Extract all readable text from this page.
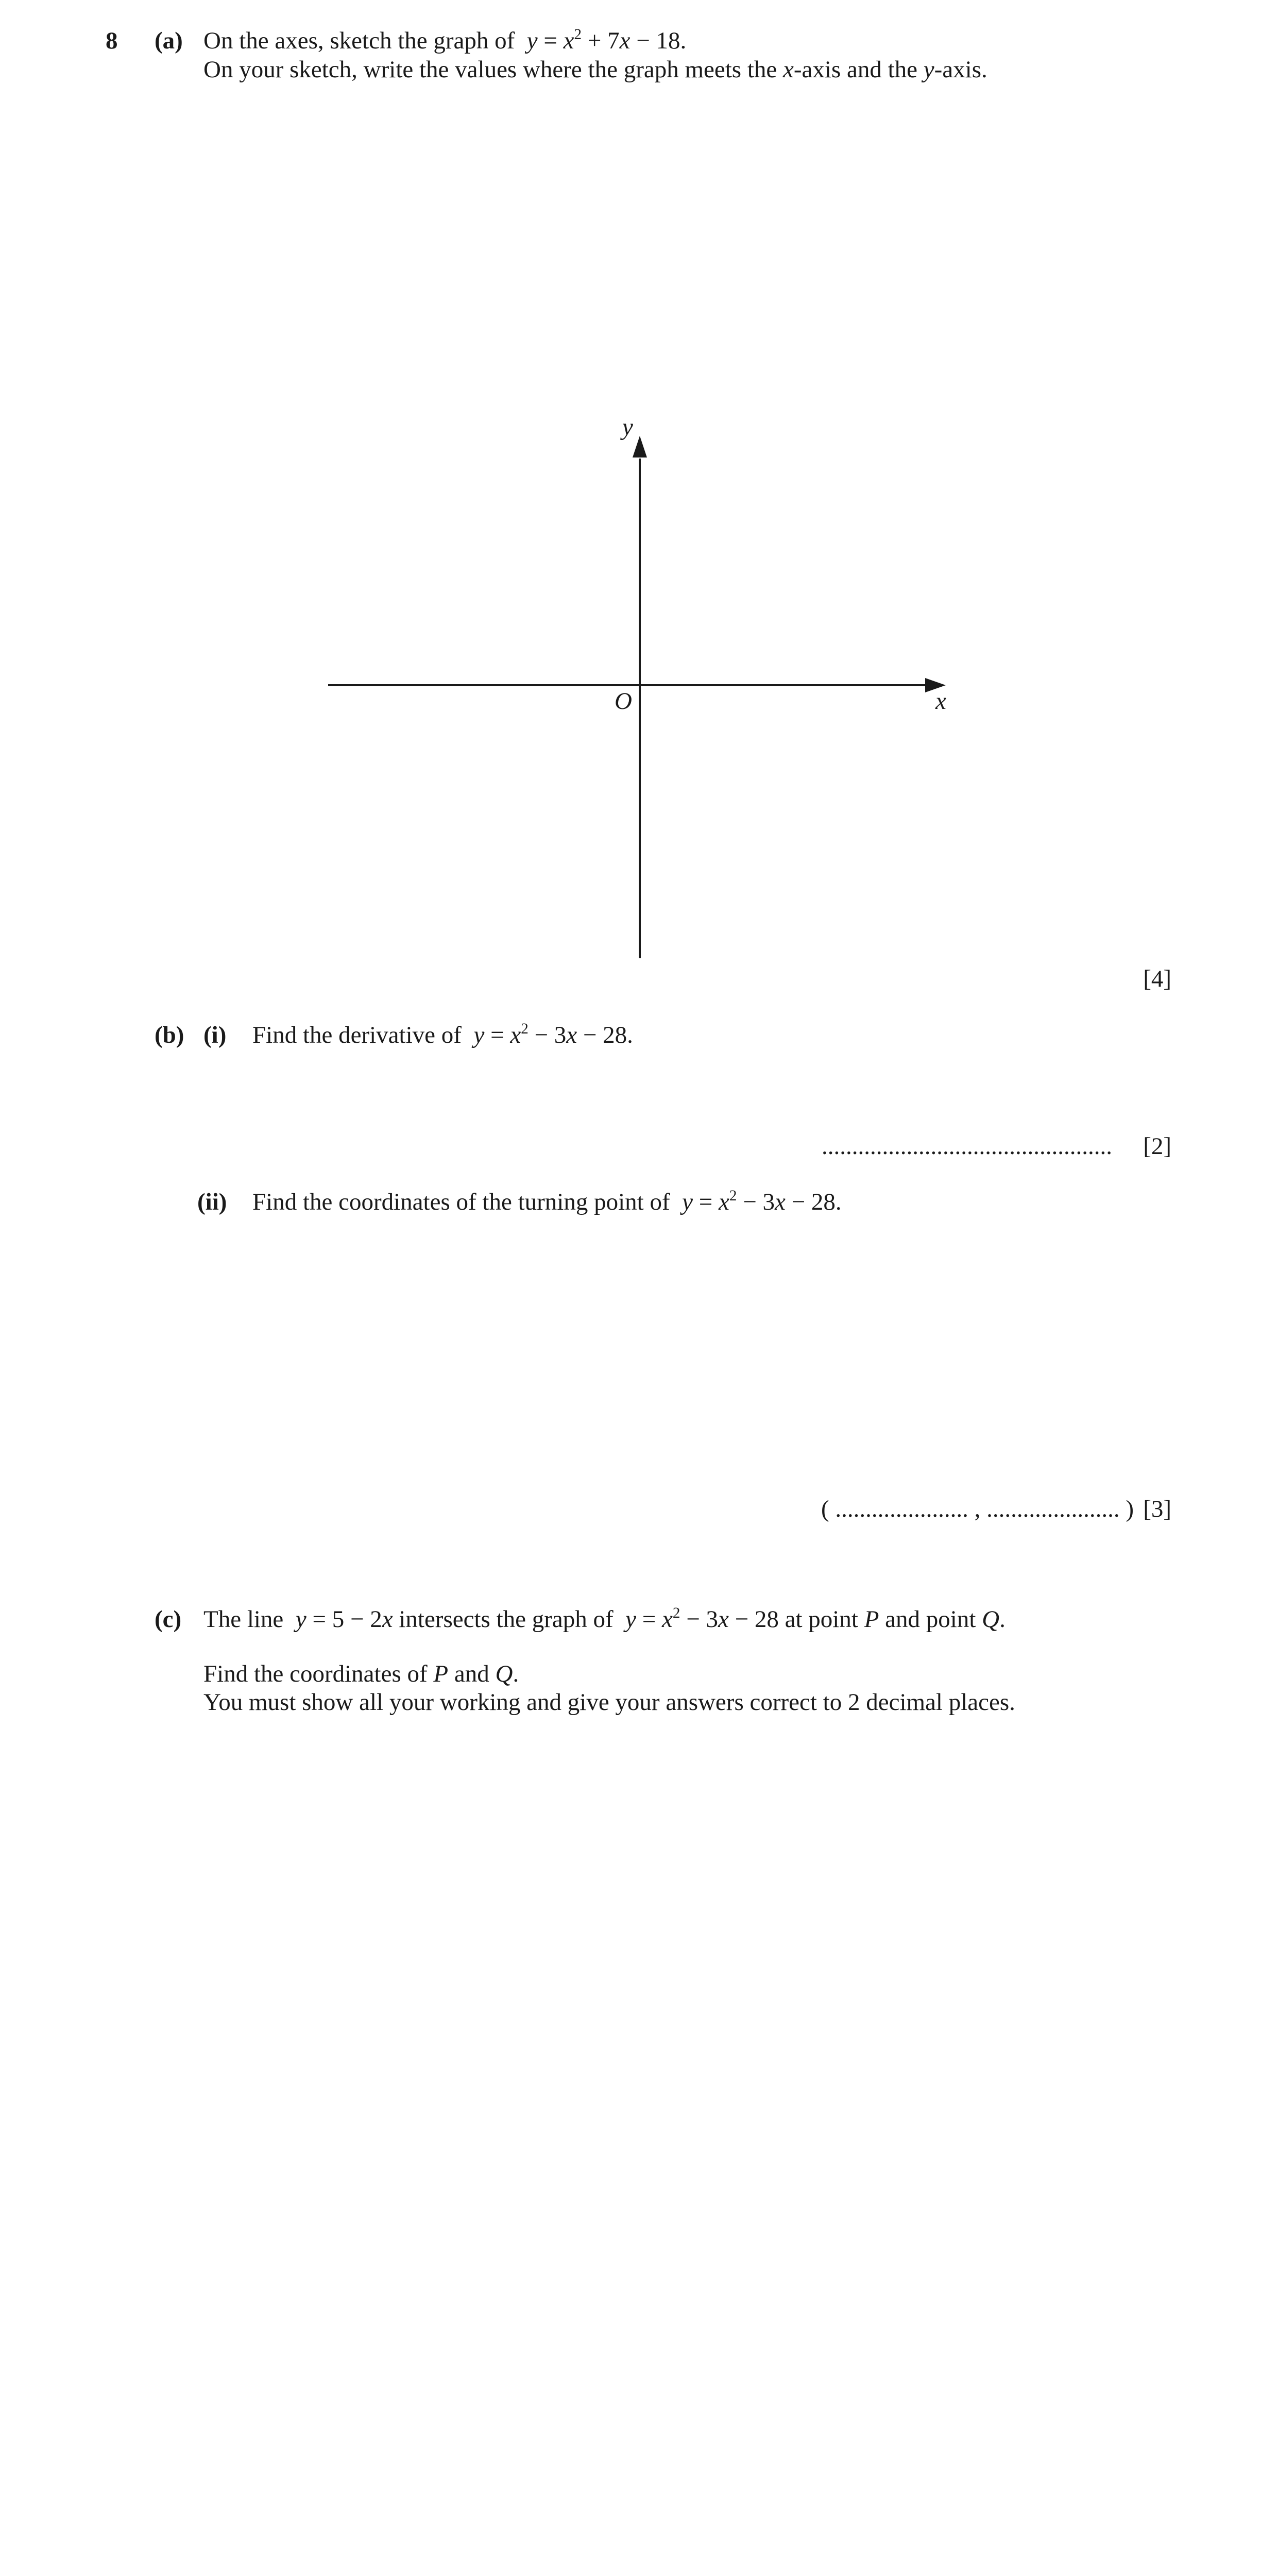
8 (a) On the axes, sketch the graph of $y = x^2 + 7x - 18$.
On your sketch, write the values where the graph meets the x-axis and the y-axis.
y
x
O
[4]
(b) (i) Find the derivative of $y = x^2 - 3x - 28$.
................................................ [2]
(ii) Find the coordinates of the turning point of $y = x^2 - 3x - 28$.
( ...................... , ...................... ) [3]
(c) The line y = 5 − 2x intersects the graph of $y = x^2 - 3x - 28$ at point P and point Q.
Find the coordinates of P and Q.
You must show all your working and give your answers correct to 2 decimal places.
